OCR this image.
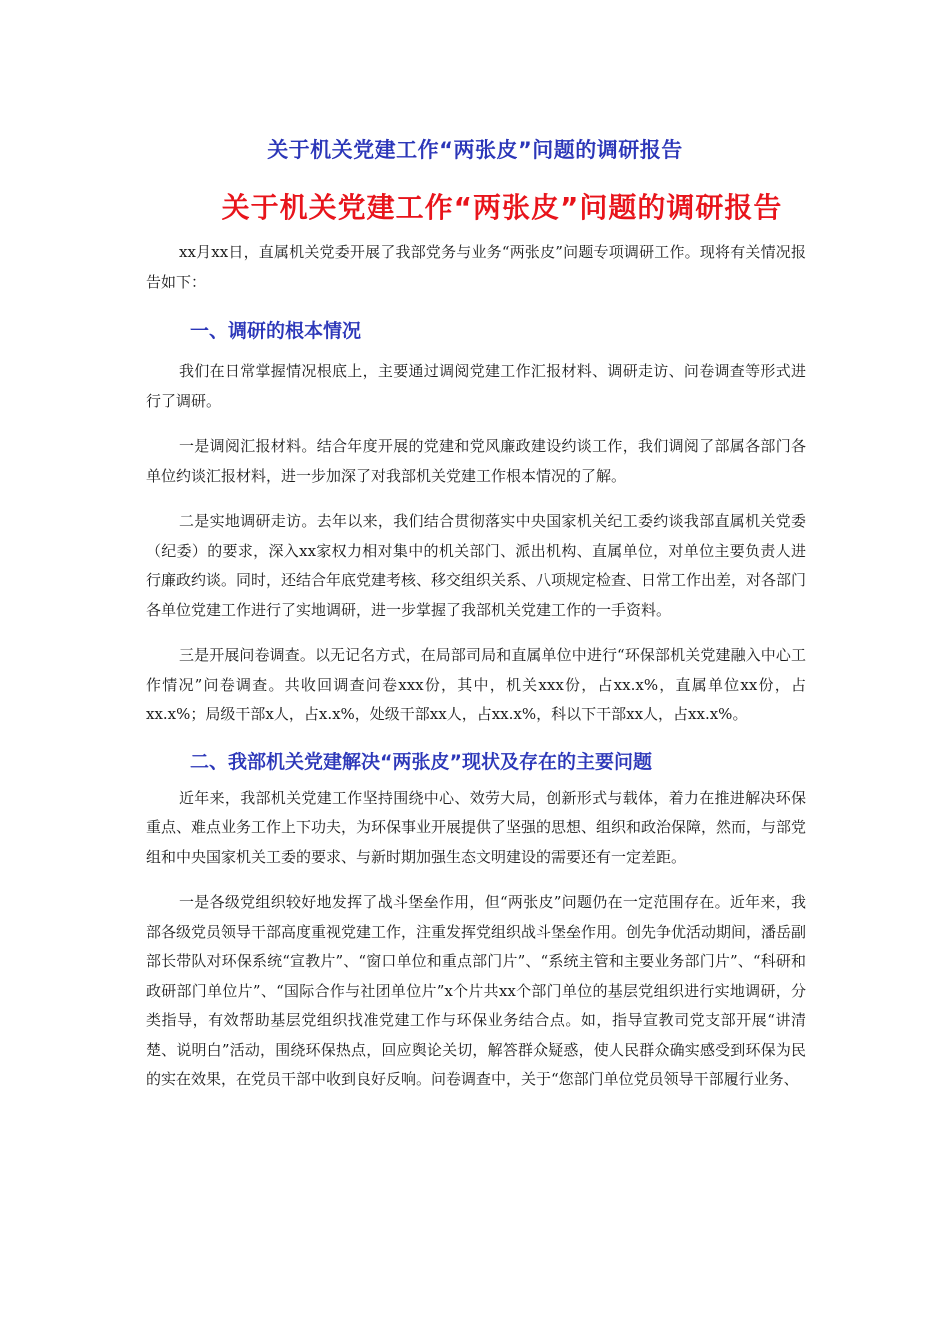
关于机关党建工作“两张皮”问题的调研报告
关于机关党建工作“两张皮”问题的调研报告

xx月xx日，直属机关党委开展了我部党务与业务“两张皮”问题专项调研工作。现将有关情况报告如下：

一、调研的根本情况

我们在日常掌握情况根底上，主要通过调阅党建工作汇报材料、调研走访、问卷调查等形式进行了调研。

一是调阅汇报材料。结合年度开展的党建和党风廉政建设约谈工作，我们调阅了部属各部门各单位约谈汇报材料，进一步加深了对我部机关党建工作根本情况的了解。

二是实地调研走访。去年以来，我们结合贯彻落实中央国家机关纪工委约谈我部直属机关党委（纪委）的要求，深入xx家权力相对集中的机关部门、派出机构、直属单位，对单位主要负责人进行廉政约谈。同时，还结合年底党建考核、移交组织关系、八项规定检查、日常工作出差，对各部门各单位党建工作进行了实地调研，进一步掌握了我部机关党建工作的一手资料。

三是开展问卷调查。以无记名方式，在局部司局和直属单位中进行“环保部机关党建融入中心工作情况”问卷调查。共收回调查问卷xxx份，其中，机关xxx份，占xx.x%，直属单位xx份，占xx.x%；局级干部x人，占x.x%，处级干部xx人，占xx.x%，科以下干部xx人，占xx.x%。

二、我部机关党建解决“两张皮”现状及存在的主要问题

近年来，我部机关党建工作坚持围绕中心、效劳大局，创新形式与载体，着力在推进解决环保重点、难点业务工作上下功夫，为环保事业开展提供了坚强的思想、组织和政治保障，然而，与部党组和中央国家机关工委的要求、与新时期加强生态文明建设的需要还有一定差距。

一是各级党组织较好地发挥了战斗堡垒作用，但“两张皮”问题仍在一定范围存在。近年来，我部各级党员领导干部高度重视党建工作，注重发挥党组织战斗堡垒作用。创先争优活动期间，潘岳副部长带队对环保系统“宣教片”、“窗口单位和重点部门片”、“系统主管和主要业务部门片”、“科研和政研部门单位片”、“国际合作与社团单位片”x个片共xx个部门单位的基层党组织进行实地调研，分类指导，有效帮助基层党组织找准党建工作与环保业务结合点。如，指导宣教司党支部开展“讲清楚、说明白”活动，围绕环保热点，回应舆论关切，解答群众疑惑，使人民群众确实感受到环保为民的实在效果，在党员干部中收到良好反响。问卷调查中，关于“您部门单位党员领导干部履行业务、
